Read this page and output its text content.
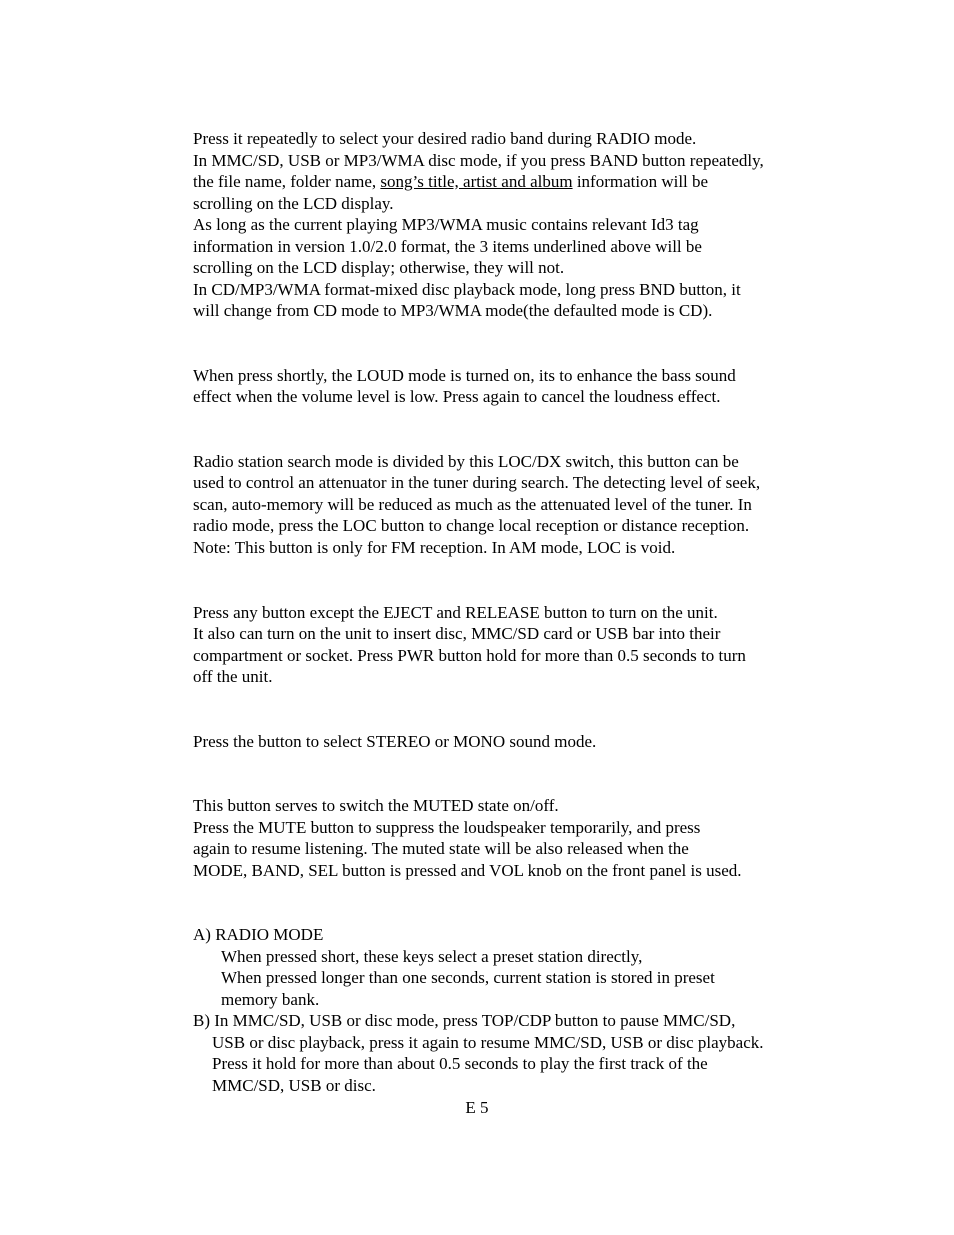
Press it repeatedly to select your desired radio band during RADIO mode.
In MMC/SD, USB or MP3/WMA disc mode, if you press BAND button repeatedly,
the file name, folder name, song’s title, artist and album information will be
scrolling on the LCD display.
As long as the current playing MP3/WMA music contains relevant Id3 tag
information in version 1.0/2.0 format, the 3 items underlined above will be
scrolling on the LCD display; otherwise, they will not.
In CD/MP3/WMA format-mixed disc playback mode, long press BND button, it
will change from CD mode to MP3/WMA mode(the defaulted mode is CD).
When press shortly, the LOUD mode is turned on, its to enhance the bass sound
effect when the volume level is low. Press again to cancel the loudness effect.
Radio station search mode is divided by this LOC/DX switch, this button can be
used to control an attenuator in the tuner during search. The detecting level of seek,
scan, auto-memory will be reduced as much as the attenuated level of the tuner. In
radio mode, press the LOC button to change local reception or distance reception.
Note: This button is only for FM reception. In AM mode, LOC is void.
Press any button except the EJECT and RELEASE button to turn on the unit.
It also can turn on the unit to insert disc, MMC/SD card or USB bar into their
compartment or socket. Press PWR button hold for more than 0.5 seconds to turn
off the unit.
Press the button to select STEREO or MONO sound mode.
This button serves to switch the MUTED state on/off.
Press the MUTE button to suppress the loudspeaker temporarily, and press
again to resume listening. The muted state will be also released when the
MODE, BAND, SEL button is pressed and VOL knob on the front panel is used.
A) RADIO MODE
When pressed short, these keys select a preset station directly,
When pressed longer than one seconds, current station is stored in preset
memory bank.
B) In MMC/SD, USB or disc mode, press TOP/CDP button to pause MMC/SD,
USB or disc playback, press it again to resume MMC/SD, USB or disc playback.
Press it hold for more than about 0.5 seconds to play the first track of the
MMC/SD, USB or disc.
E 5
